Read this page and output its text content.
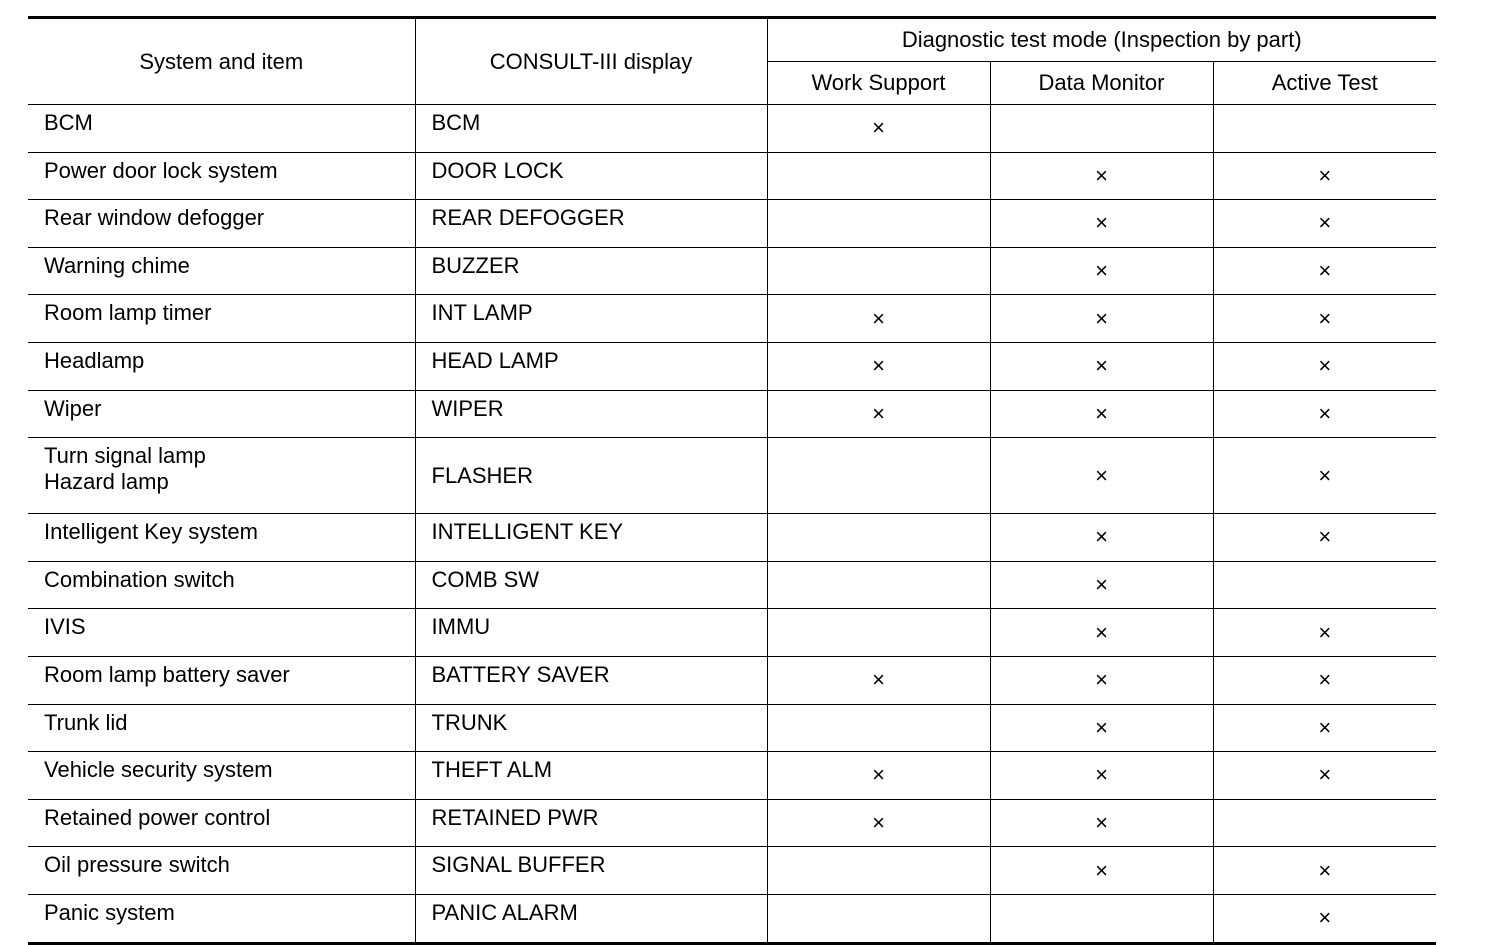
System and item	CONSULT-III display	Diagnostic test mode (Inspection by part)		
		Work Support	Data Monitor	Active Test

BCM	BCM	×		

Power door lock system	DOOR LOCK		×	×

Rear window defogger	REAR DEFOGGER		×	×

Warning chime	BUZZER		×	×

Room lamp timer	INT LAMP	×	×	×

Headlamp	HEAD LAMP	×	×	×

Wiper	WIPER	×	×	×

Turn signal lamp
Hazard lamp	FLASHER		×	×

Intelligent Key system	INTELLIGENT KEY		×	×

Combination switch	COMB SW		×	

IVIS	IMMU		×	×

Room lamp battery saver	BATTERY SAVER	×	×	×

Trunk lid	TRUNK		×	×

Vehicle security system	THEFT ALM	×	×	×

Retained power control	RETAINED PWR	×	×	

Oil pressure switch	SIGNAL BUFFER		×	×

Panic system	PANIC ALARM			×
